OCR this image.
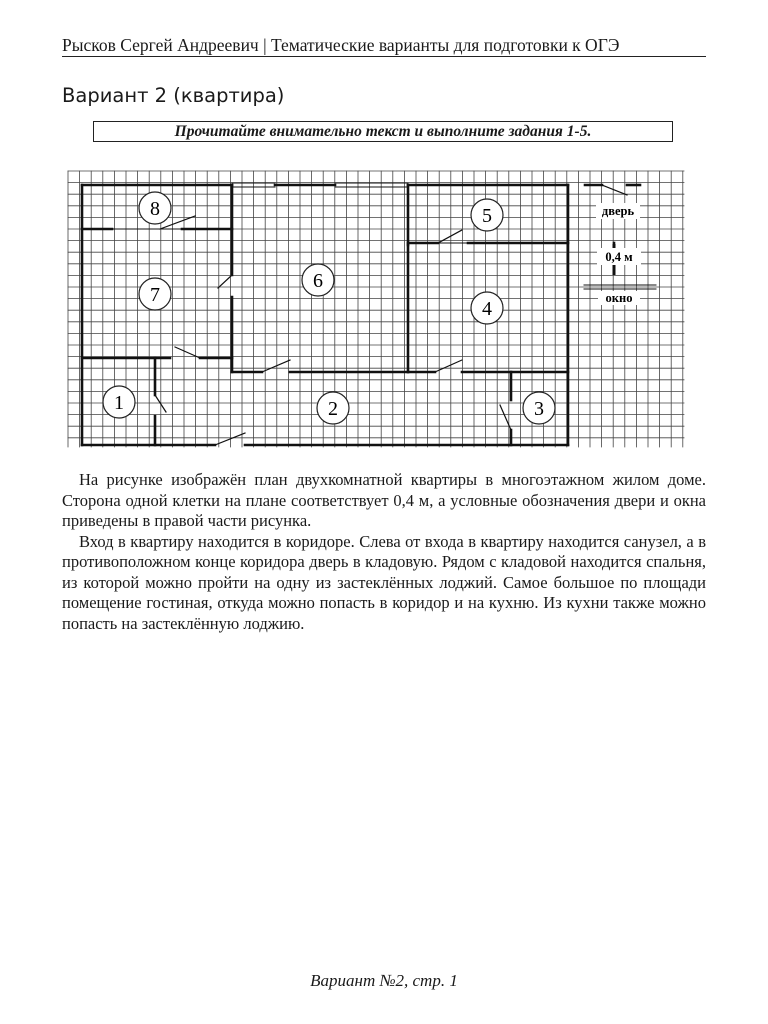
Рысков Сергей Андреевич | Тематические варианты для подготовки к ОГЭ
Вариант 2 (квартира)
Прочитайте внимательно текст и выполните задания 1-5.
1	2	3
4
5
6
7
8	дверь
0,4 м
окно

На рисунке изображён план двухкомнатной квартиры в многоэтажном жилом доме. Сторона одной клетки на плане соответствует 0,4 м, а условные обозначения двери и окна приведены в правой части рисунка.

Вход в квартиру находится в коридоре. Слева от входа в квартиру находится санузел, а в противоположном конце коридора дверь в кладовую. Рядом с кладовой находится спальня, из которой можно пройти на одну из застеклённых лоджий. Самое большое по площади помещение гостиная, откуда можно попасть в коридор и на кухню. Из кухни также можно попасть на застеклённую лоджию.

Вариант №2, стр. 1
